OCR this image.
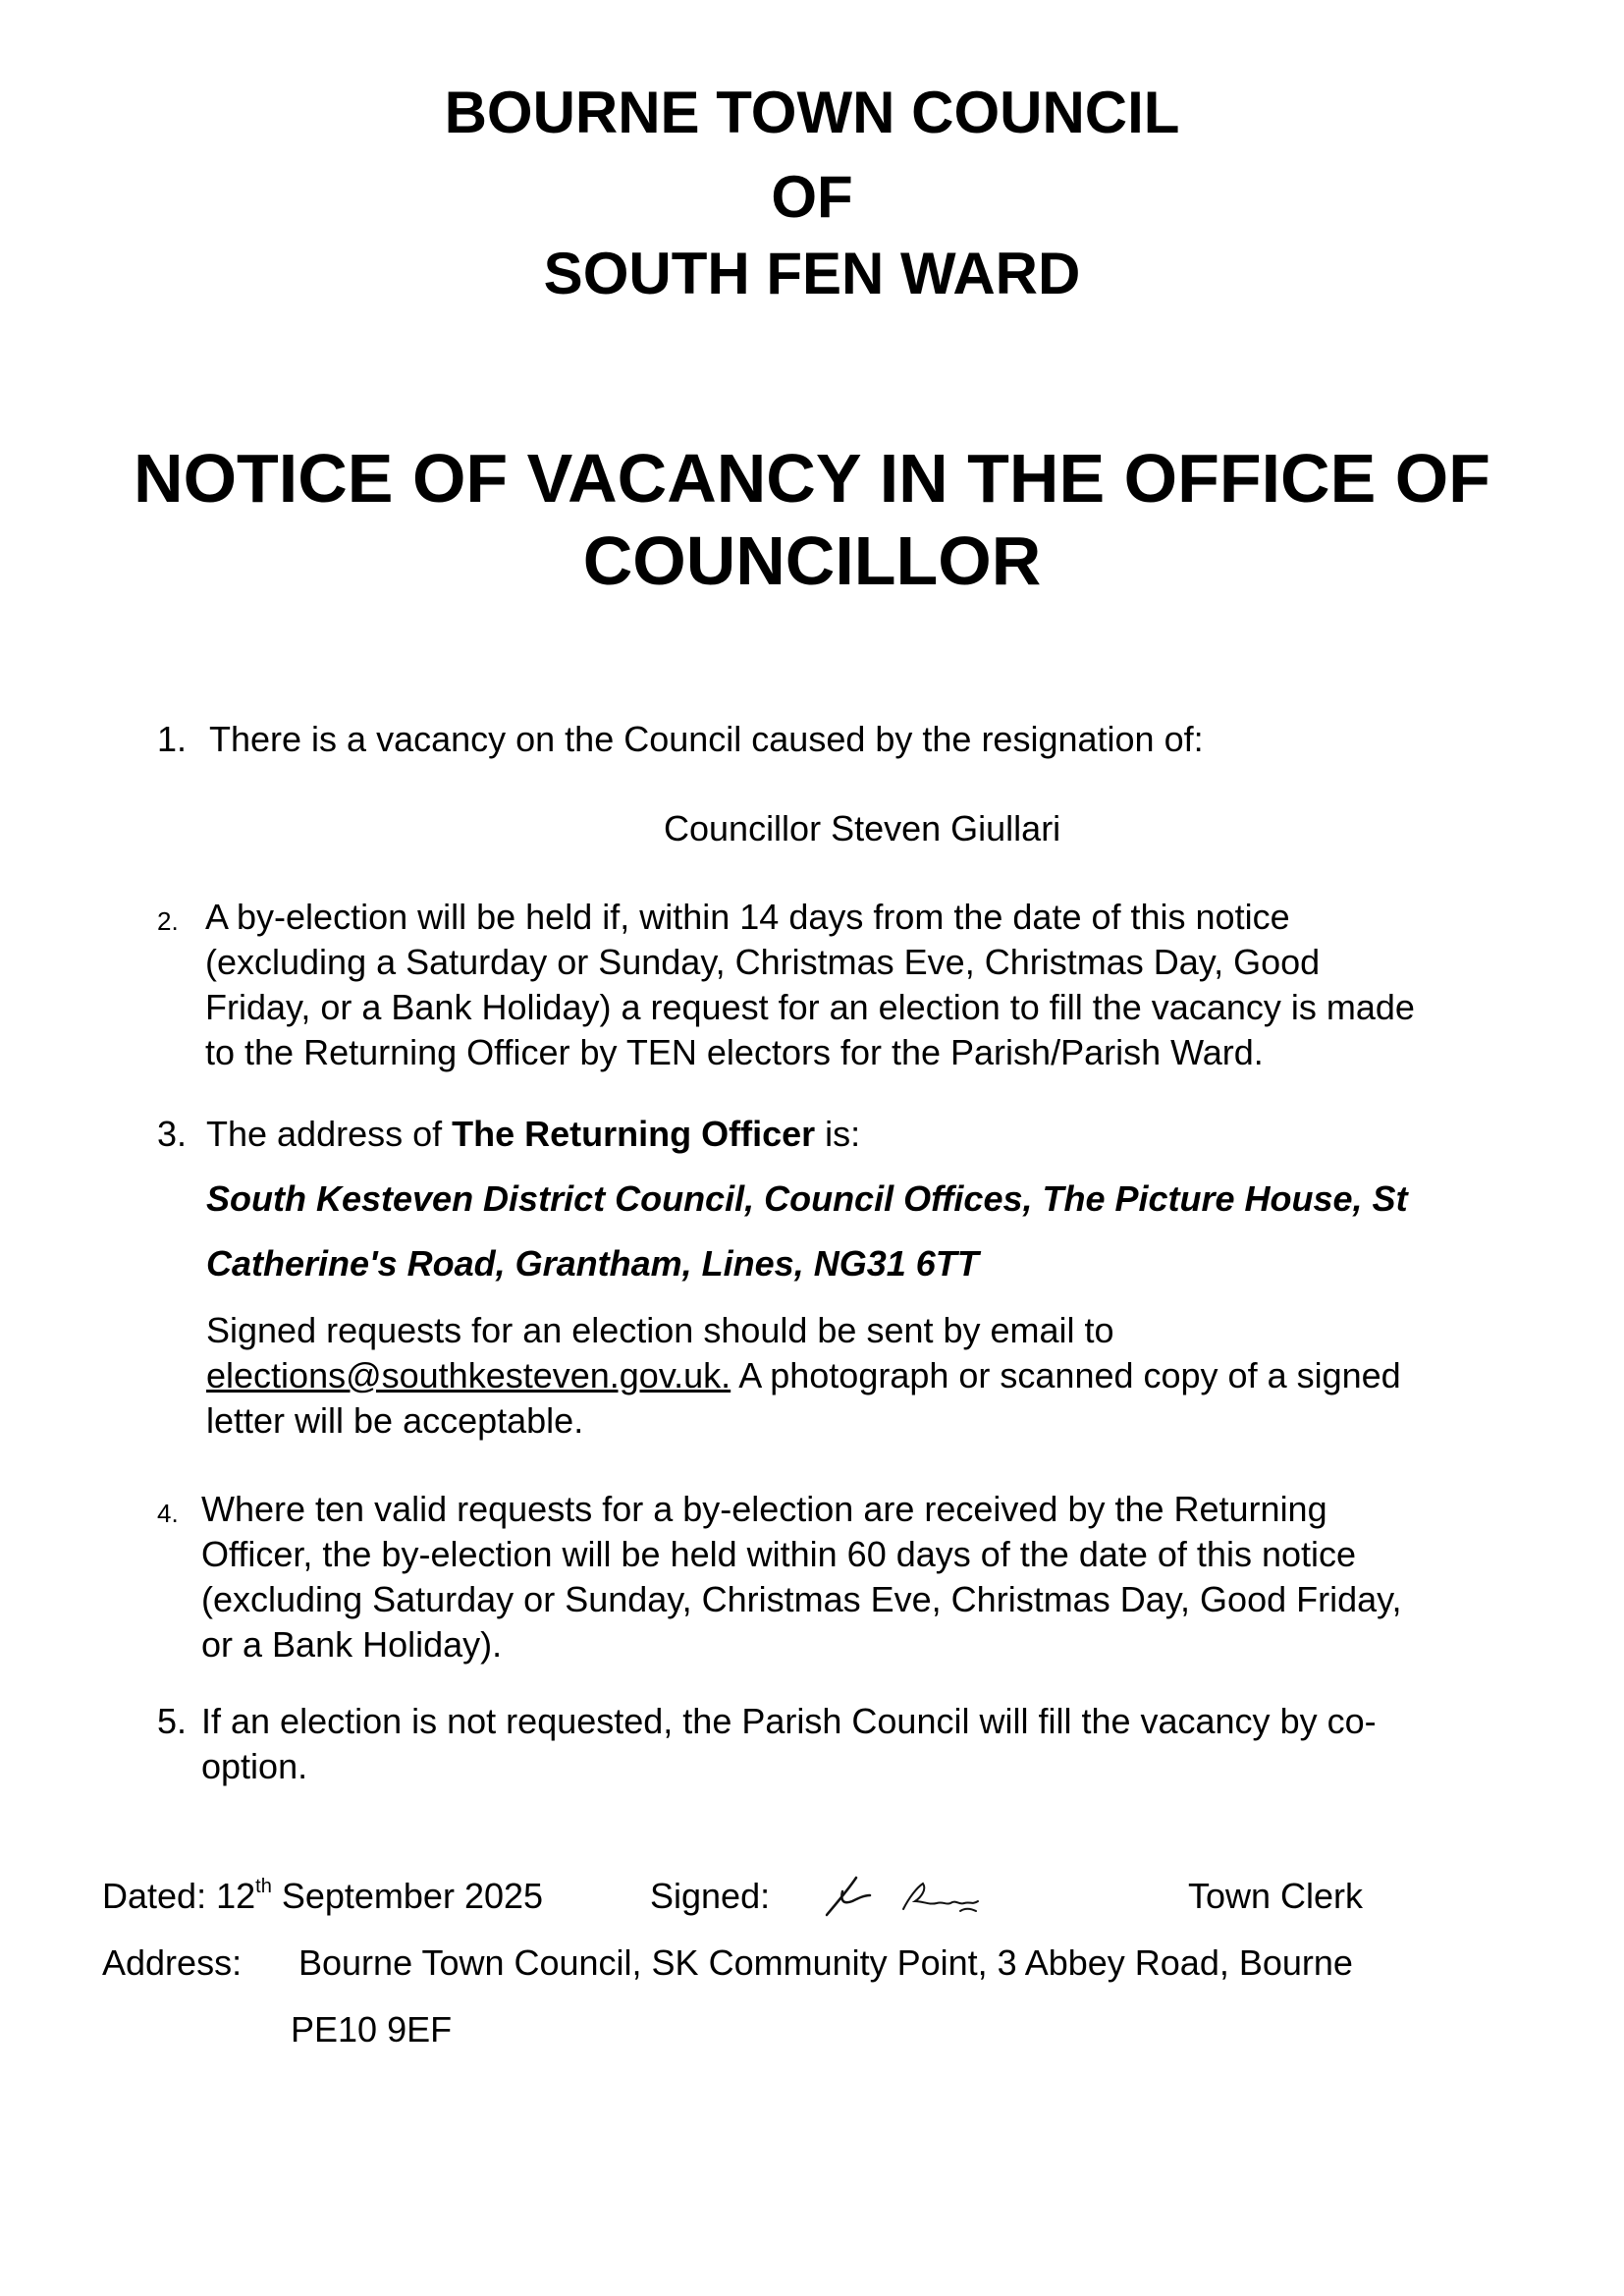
BOURNE TOWN COUNCIL
OF
SOUTH FEN WARD
NOTICE OF VACANCY IN THE OFFICE OF
COUNCILLOR
1. There is a vacancy on the Council caused by the resignation of:
Councillor Steven Giullari
2. A by-election will be held if, within 14 days from the date of this notice
(excluding a Saturday or Sunday, Christmas Eve, Christmas Day, Good
Friday, or a Bank Holiday) a request for an election to fill the vacancy is made
to the Returning Officer by TEN electors for the Parish/Parish Ward.
3. The address of The Returning Officer is:
South Kesteven District Council, Council Offices, The Picture House, St
Catherine's Road, Grantham, Lines, NG31 6TT
Signed requests for an election should be sent by email to
elections@southkesteven.gov.uk. A photograph or scanned copy of a signed
letter will be acceptable.
4. Where ten valid requests for a by-election are received by the Returning
Officer, the by-election will be held within 60 days of the date of this notice
(excluding Saturday or Sunday, Christmas Eve, Christmas Day, Good Friday,
or a Bank Holiday).
5. If an election is not requested, the Parish Council will fill the vacancy by co-
option.
Dated: 12th September 2025	Signed:	Town Clerk
Address: Bourne Town Council, SK Community Point, 3 Abbey Road, Bourne
PE10 9EF
